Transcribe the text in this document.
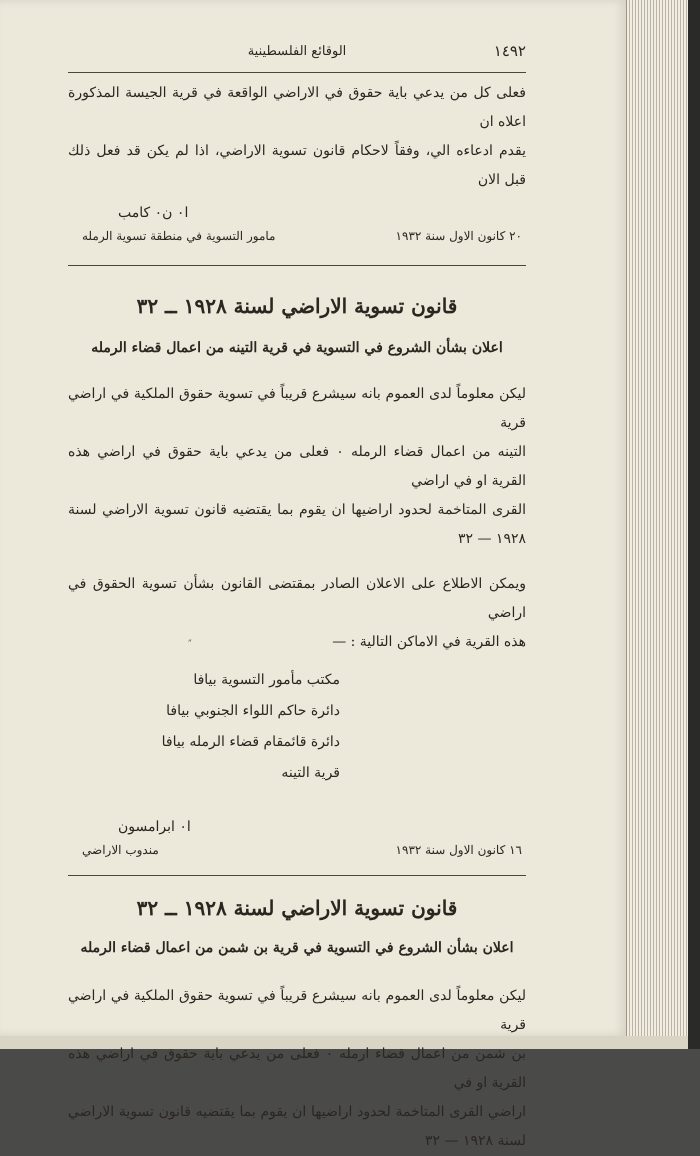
١٤٩٢
الوقائع الفلسطينية

فعلى كل من يدعي باية حقوق في الاراضي الواقعة في قرية الجيسة المذكورة اعلاه ان

يقدم ادعاءه الي، وفقاً لاحكام قانون تسوية الاراضي، اذا لم يكن قد فعل ذلك قبل الان

ا٠ ن٠ كامب
٢٠ كانون الاول سنة ١٩٣٢
مامور التسوية في منطقة تسوية الرمله
قانون تسوية الاراضي لسنة ١٩٢٨ ــ ٣٢
اعلان بشأن الشروع في التسوية في قرية التينه من اعمال قضاء الرمله

ليكن معلوماً لدى العموم بانه سيشرع قريباً في تسوية حقوق الملكية في اراضي قرية

التينه من اعمال قضاء الرمله ٠ فعلى من يدعي باية حقوق في اراضي هذه القرية او في اراضي

القرى المتاخمة لحدود اراضيها ان يقوم بما يقتضيه قانون تسوية الاراضي لسنة ١٩٢٨ — ٣٢

ويمكن الاطلاع على الاعلان الصادر بمقتضى القانون بشأن تسوية الحقوق في اراضي

هذه القرية في الاماكن التالية : —

مكتب مأمور التسوية بيافا
دائرة حاكم اللواء الجنوبي بيافا
دائرة قائمقام قضاء الرمله بيافا
قرية التينه
ا٠ ابرامسون
١٦ كانون الاول سنة ١٩٣٢
مندوب الاراضي
قانون تسوية الاراضي لسنة ١٩٢٨ ــ ٣٢
اعلان بشأن الشروع في التسوية في قرية بن شمن من اعمال قضاء الرمله

ليكن معلوماً لدى العموم بانه سيشرع قريباً في تسوية حقوق الملكية في اراضي قرية

بن شمن من اعمال قضاء ارمله ٠ فعلى من يدعي باية حقوق في اراضي هذه القرية او في

اراضي القرى المتاخمة لحدود اراضيها ان يقوم بما يقتضيه قانون تسوية الاراضي لسنة ١٩٢٨ — ٣٢

״
